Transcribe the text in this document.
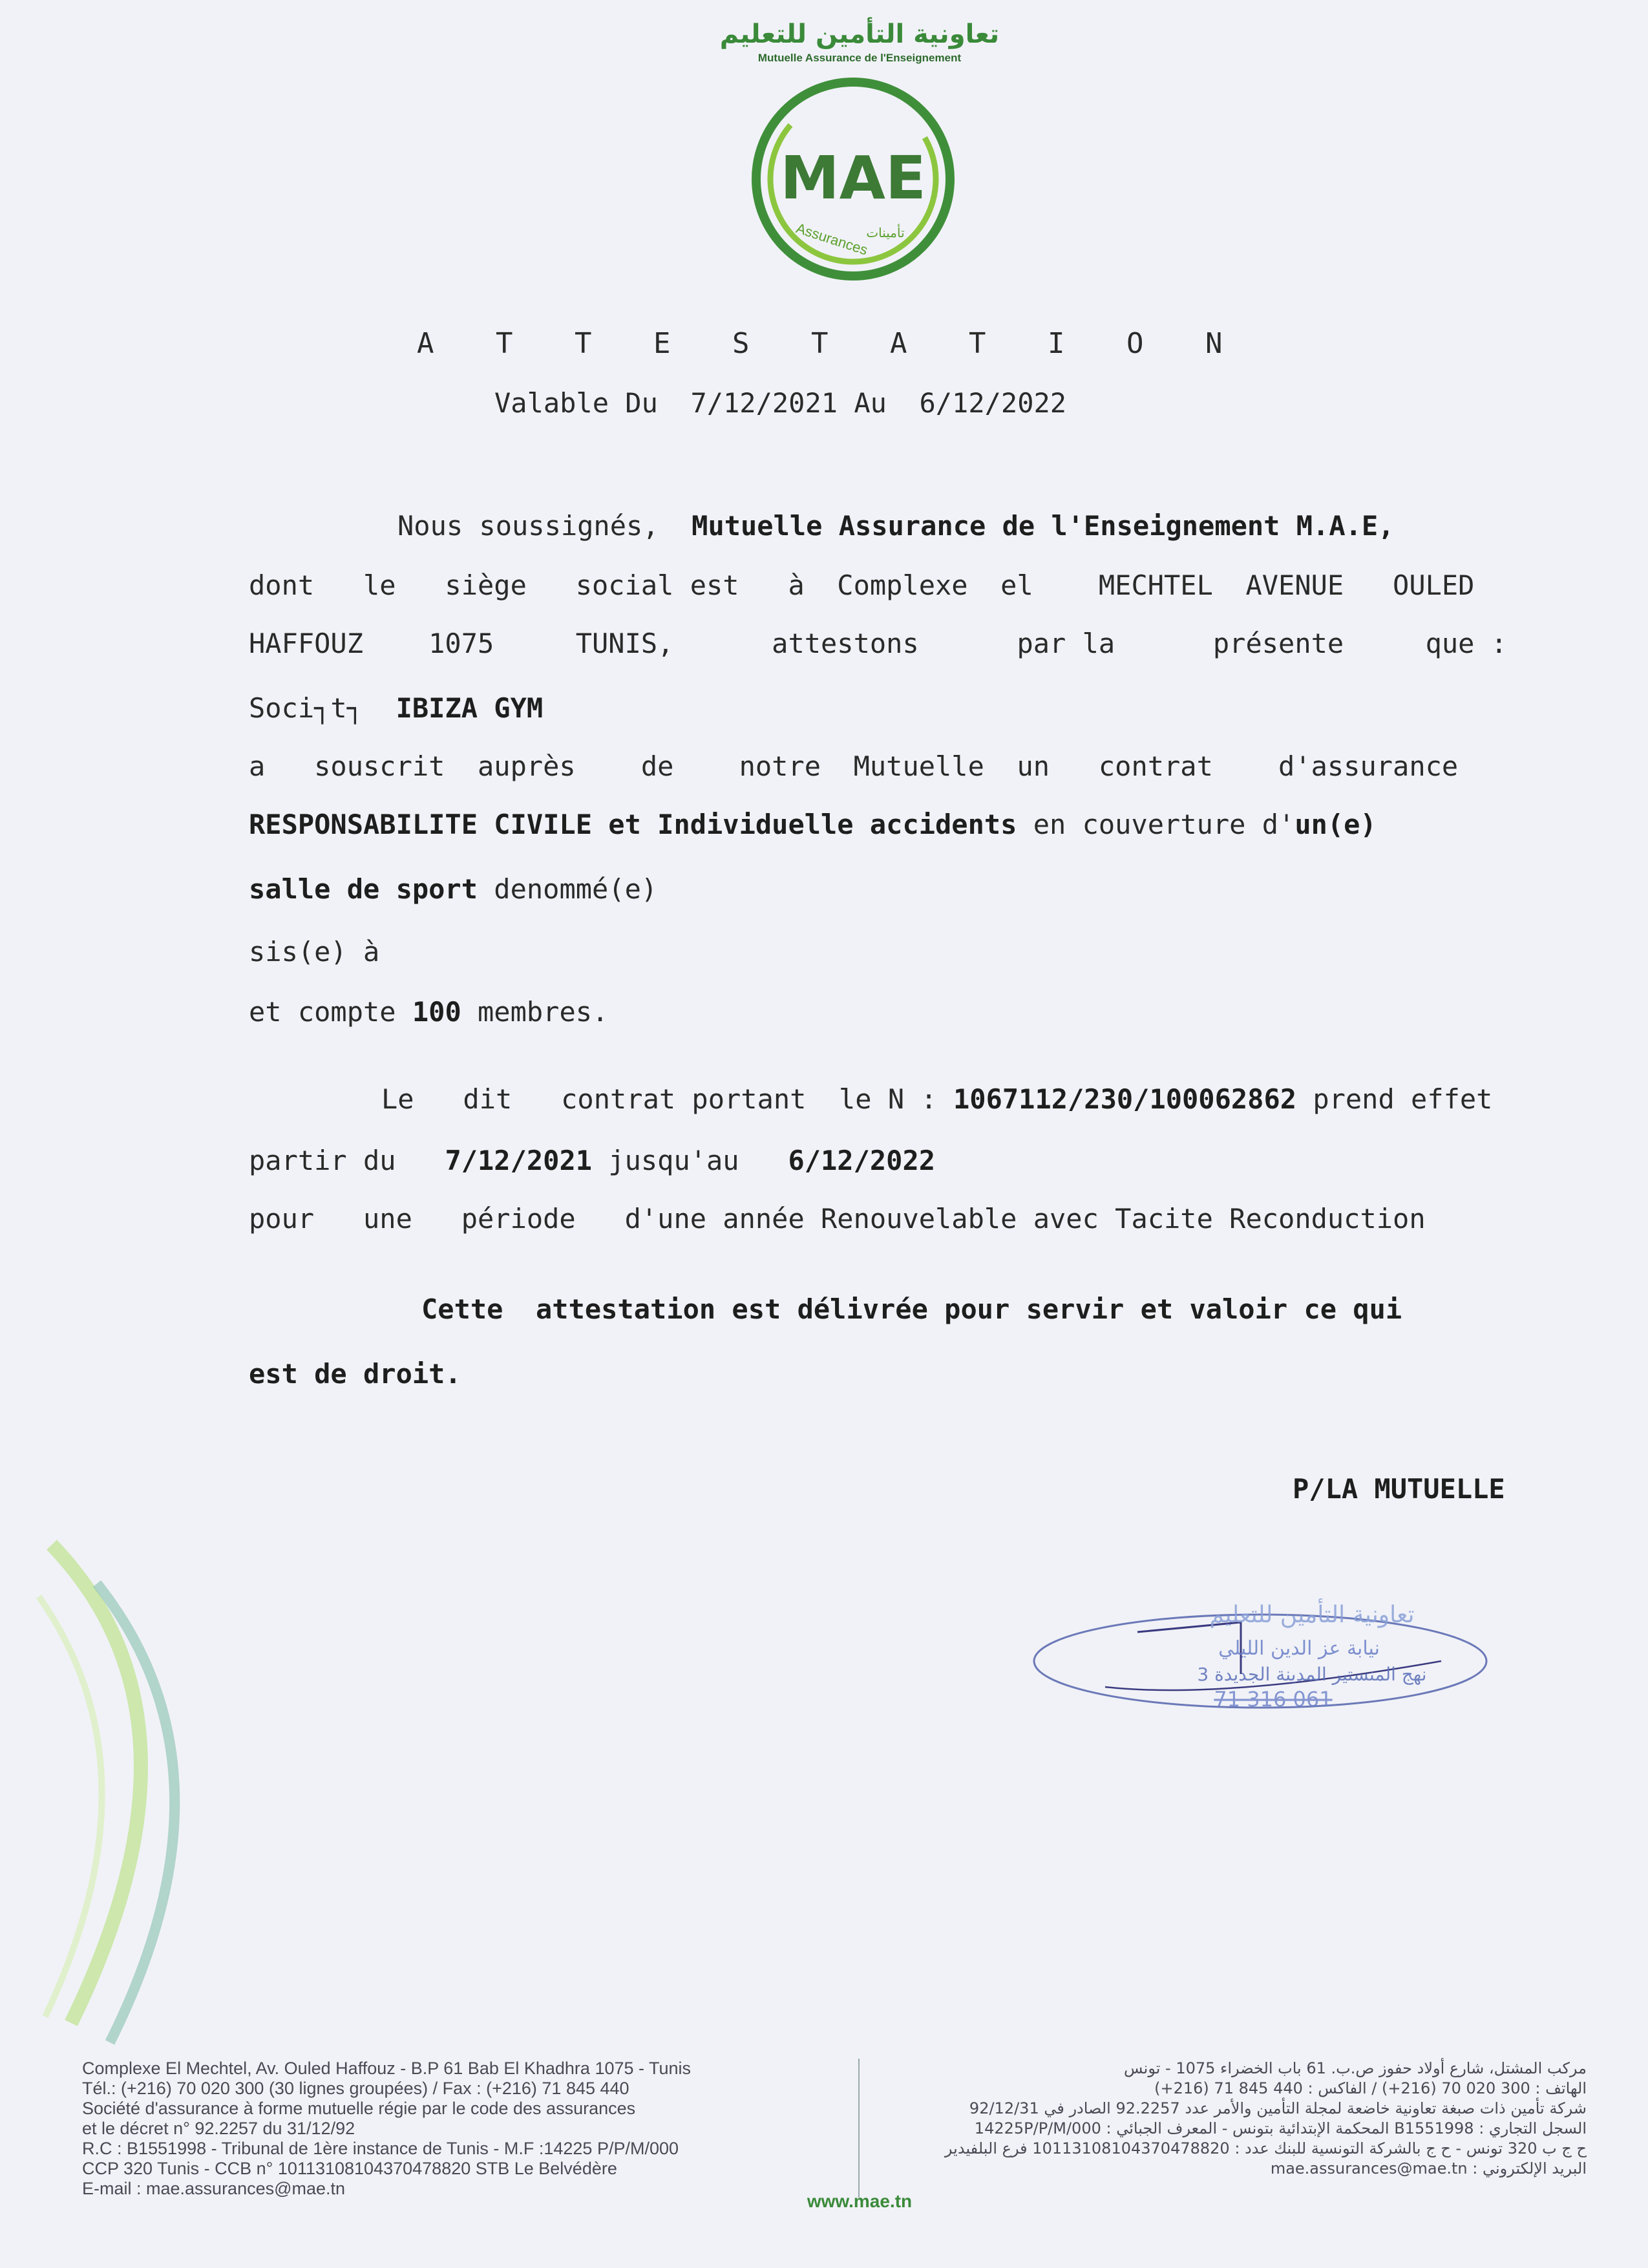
تعاونية التأمين للتعليم
Mutuelle Assurance de l'Enseignement
MAE
Assurances
تأمينات
A T T E S T A T I O N
Valable Du 7/12/2021 Au 6/12/2022
Nous soussignés, Mutuelle Assurance de l'Enseignement M.A.E,
dont   le   siège   social est   à  Complexe  el    MECHTEL  AVENUE   OULED
HAFFOUZ    1075     TUNIS,      attestons      par la      présente     que :
Soci┐t┐ IBIZA GYM
a   souscrit  auprès    de    notre  Mutuelle  un   contrat    d'assurance
RESPONSABILITE CIVILE et Individuelle accidents en couverture d'un(e)
salle de sport denommé(e)
sis(e) à
et compte 100 membres.
Le   dit   contrat portant  le N : 1067112/230/100062862 prend effet
partir du   7/12/2021 jusqu'au   6/12/2022
pour   une   période   d'une année Renouvelable avec Tacite Reconduction
Cette  attestation est délivrée pour servir et valoir ce qui
est de droit.
P/LA MUTUELLE
تعاونية التأمين للتعليم
نيابة عز الدين الليلي
نهج المنستير المدينة الجديدة 3
71 316 061
Complexe El Mechtel, Av. Ouled Haffouz - B.P 61 Bab El Khadhra 1075 - Tunis
Tél.: (+216) 70 020 300 (30 lignes groupées) / Fax : (+216) 71 845 440
Société d'assurance à forme mutuelle régie par le code des assurances
et le décret n° 92.2257 du 31/12/92
R.C : B1551998 - Tribunal de 1ère instance de Tunis - M.F :14225 P/P/M/000
CCP 320 Tunis - CCB n° 10113108104370478820 STB Le Belvédère
E-mail : mae.assurances@mae.tn
مركب المشتل، شارع أولاد حفوز ص.ب. 61 باب الخضراء 1075 - تونس
الهاتف : 300 020 70 (216+) / الفاكس : 440 845 71 (216+)
شركة تأمين ذات صبغة تعاونية خاضعة لمجلة التأمين والأمر عدد 92.2257 الصادر في 92/12/31
السجل التجاري : B1551998 المحكمة الإبتدائية بتونس - المعرف الجبائي : 14225P/P/M/000
ح ج ب 320 تونس - ح ج بالشركة التونسية للبنك عدد : 10113108104370478820 فرع البلفيدير
البريد الإلكتروني : mae.assurances@mae.tn
www.mae.tn
